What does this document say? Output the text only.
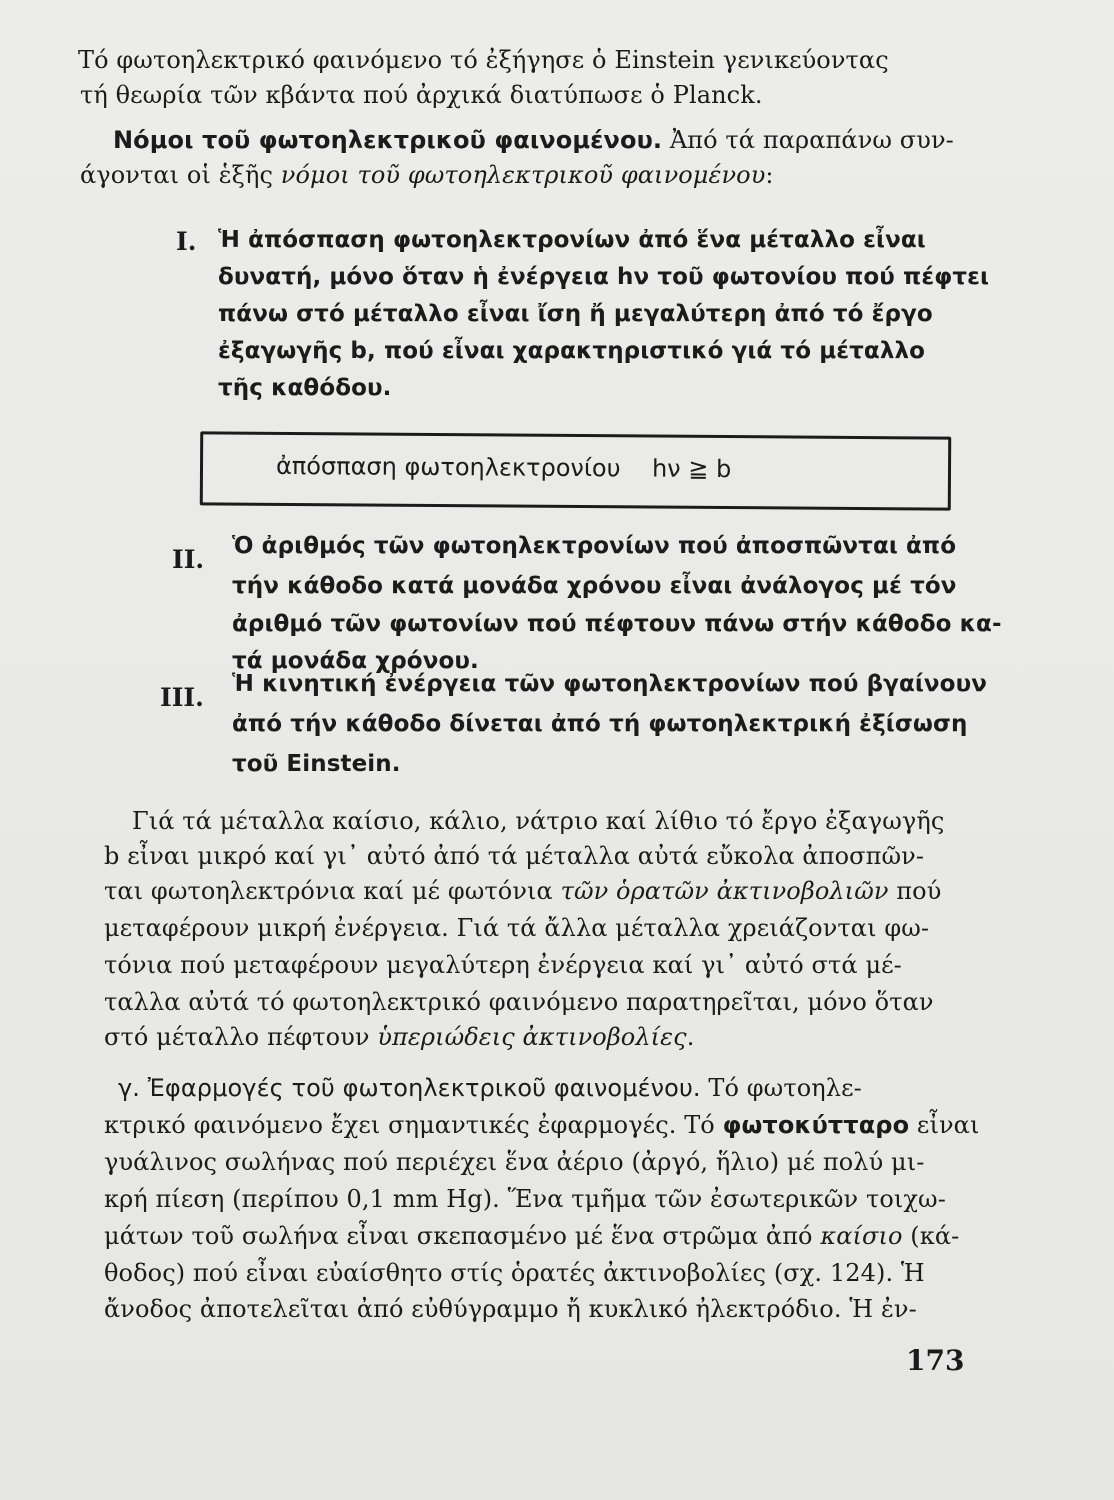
Τό φωτοηλεκτρικό φαινόμενο τό ἐξήγησε ὁ Einstein γενικεύοντας
τή θεωρία τῶν κβάντα πού ἀρχικά διατύπωσε ὁ Planck.
Νόμοι τοῦ φωτοηλεκτρικοῦ φαινομένου. Ἀπό τά παραπάνω συν-
άγονται οἱ ἑξῆς νόμοι τοῦ φωτοηλεκτρικοῦ φαινομένου:
I. Ἡ ἀπόσπαση φωτοηλεκτρονίων ἀπό ἕνα μέταλλο εἶναι
δυνατή, μόνο ὅταν ἡ ἐνέργεια hν τοῦ φωτονίου πού πέφτει
πάνω στό μέταλλο εἶναι ἴση ἤ μεγαλύτερη ἀπό τό ἔργο
ἐξαγωγῆς b, πού εἶναι χαρακτηριστικό γιά τό μέταλλο
τῆς καθόδου.
ἀπόσπαση φωτοηλεκτρονίου hν ≧ b
II. Ὁ ἀριθμός τῶν φωτοηλεκτρονίων πού ἀποσπῶνται ἀπό
τήν κάθοδο κατά μονάδα χρόνου εἶναι ἀνάλογος μέ τόν
ἀριθμό τῶν φωτονίων πού πέφτουν πάνω στήν κάθοδο κα-
τά μονάδα χρόνου.
III. Ἡ κινητική ἐνέργεια τῶν φωτοηλεκτρονίων πού βγαίνουν
ἀπό τήν κάθοδο δίνεται ἀπό τή φωτοηλεκτρική ἐξίσωση
τοῦ Einstein.
Γιά τά μέταλλα καίσιο, κάλιο, νάτριο καί λίθιο τό ἔργο ἐξαγωγῆς
b εἶναι μικρό καί γι᾽ αὐτό ἀπό τά μέταλλα αὐτά εὔκολα ἀποσπῶν-
ται φωτοηλεκτρόνια καί μέ φωτόνια τῶν ὁρατῶν ἀκτινοβολιῶν πού
μεταφέρουν μικρή ἐνέργεια. Γιά τά ἄλλα μέταλλα χρειάζονται φω-
τόνια πού μεταφέρουν μεγαλύτερη ἐνέργεια καί γι᾽ αὐτό στά μέ-
ταλλα αὐτά τό φωτοηλεκτρικό φαινόμενο παρατηρεῖται, μόνο ὅταν
στό μέταλλο πέφτουν ὑπεριώδεις ἀκτινοβολίες.
γ. Ἐφαρμογές τοῦ φωτοηλεκτρικοῦ φαινομένου. Τό φωτοηλε-
κτρικό φαινόμενο ἔχει σημαντικές ἐφαρμογές. Τό φωτοκύτταρο εἶναι
γυάλινος σωλήνας πού περιέχει ἕνα ἀέριο (ἀργό, ἥλιο) μέ πολύ μι-
κρή πίεση (περίπου 0,1 mm Hg). Ἕνα τμῆμα τῶν ἐσωτερικῶν τοιχω-
μάτων τοῦ σωλήνα εἶναι σκεπασμένο μέ ἕνα στρῶμα ἀπό καίσιο (κά-
θοδος) πού εἶναι εὐαίσθητο στίς ὁρατές ἀκτινοβολίες (σχ. 124). Ἡ
ἄνοδος ἀποτελεῖται ἀπό εὐθύγραμμο ἤ κυκλικό ἠλεκτρόδιο. Ἡ ἐν-
173
